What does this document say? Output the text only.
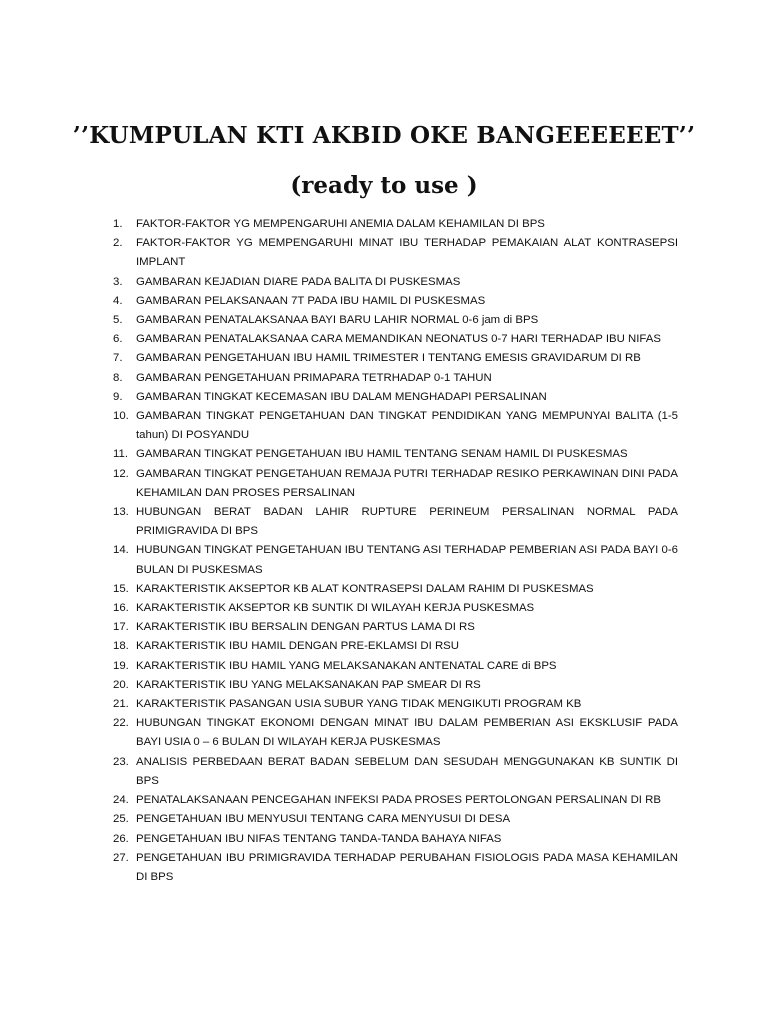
’’KUMPULAN KTI AKBID OKE BANGEEEEEET’’
(ready to use )
1.	FAKTOR-FAKTOR YG MEMPENGARUHI ANEMIA DALAM KEHAMILAN DI BPS
2.	FAKTOR-FAKTOR YG MEMPENGARUHI MINAT IBU TERHADAP PEMAKAIAN ALAT KONTRASEPSI IMPLANT
3.	GAMBARAN KEJADIAN DIARE PADA BALITA DI PUSKESMAS
4.	GAMBARAN PELAKSANAAN 7T PADA IBU HAMIL DI PUSKESMAS
5.	GAMBARAN PENATALAKSANAA BAYI BARU LAHIR NORMAL 0-6 jam di BPS
6.	GAMBARAN PENATALAKSANAA CARA MEMANDIKAN NEONATUS 0-7 HARI TERHADAP IBU NIFAS
7.	GAMBARAN PENGETAHUAN IBU HAMIL TRIMESTER I TENTANG EMESIS GRAVIDARUM DI RB
8.	GAMBARAN PENGETAHUAN PRIMAPARA TETRHADAP 0-1 TAHUN
9.	GAMBARAN TINGKAT KECEMASAN IBU DALAM MENGHADAPI PERSALINAN
10. GAMBARAN TINGKAT PENGETAHUAN DAN TINGKAT PENDIDIKAN YANG MEMPUNYAI BALITA (1-5 tahun) DI POSYANDU
11. GAMBARAN TINGKAT PENGETAHUAN IBU HAMIL TENTANG SENAM HAMIL DI PUSKESMAS
12. GAMBARAN TINGKAT PENGETAHUAN REMAJA PUTRI TERHADAP RESIKO PERKAWINAN DINI PADA KEHAMILAN DAN PROSES PERSALINAN
13. HUBUNGAN BERAT BADAN LAHIR RUPTURE PERINEUM PERSALINAN NORMAL PADA PRIMIGRAVIDA DI BPS
14. HUBUNGAN TINGKAT PENGETAHUAN IBU TENTANG ASI TERHADAP PEMBERIAN ASI PADA BAYI 0-6 BULAN DI PUSKESMAS
15. KARAKTERISTIK AKSEPTOR KB ALAT KONTRASEPSI DALAM RAHIM DI PUSKESMAS
16. KARAKTERISTIK AKSEPTOR KB SUNTIK DI WILAYAH KERJA PUSKESMAS
17. KARAKTERISTIK IBU BERSALIN DENGAN PARTUS LAMA DI RS
18. KARAKTERISTIK IBU HAMIL DENGAN PRE-EKLAMSI DI RSU
19. KARAKTERISTIK IBU HAMIL YANG MELAKSANAKAN ANTENATAL CARE di BPS
20. KARAKTERISTIK IBU YANG MELAKSANAKAN PAP SMEAR DI RS
21. KARAKTERISTIK PASANGAN USIA SUBUR YANG TIDAK MENGIKUTI PROGRAM KB
22. HUBUNGAN TINGKAT EKONOMI DENGAN MINAT IBU DALAM PEMBERIAN ASI EKSKLUSIF PADA BAYI USIA 0 – 6 BULAN DI WILAYAH KERJA PUSKESMAS
23. ANALISIS PERBEDAAN BERAT BADAN SEBELUM DAN SESUDAH MENGGUNAKAN KB SUNTIK DI BPS
24. PENATALAKSANAAN PENCEGAHAN INFEKSI PADA PROSES PERTOLONGAN PERSALINAN DI RB
25. PENGETAHUAN IBU MENYUSUI TENTANG CARA MENYUSUI DI DESA
26. PENGETAHUAN IBU NIFAS TENTANG TANDA-TANDA BAHAYA NIFAS
27. PENGETAHUAN IBU PRIMIGRAVIDA TERHADAP PERUBAHAN FISIOLOGIS PADA MASA KEHAMILAN DI BPS
